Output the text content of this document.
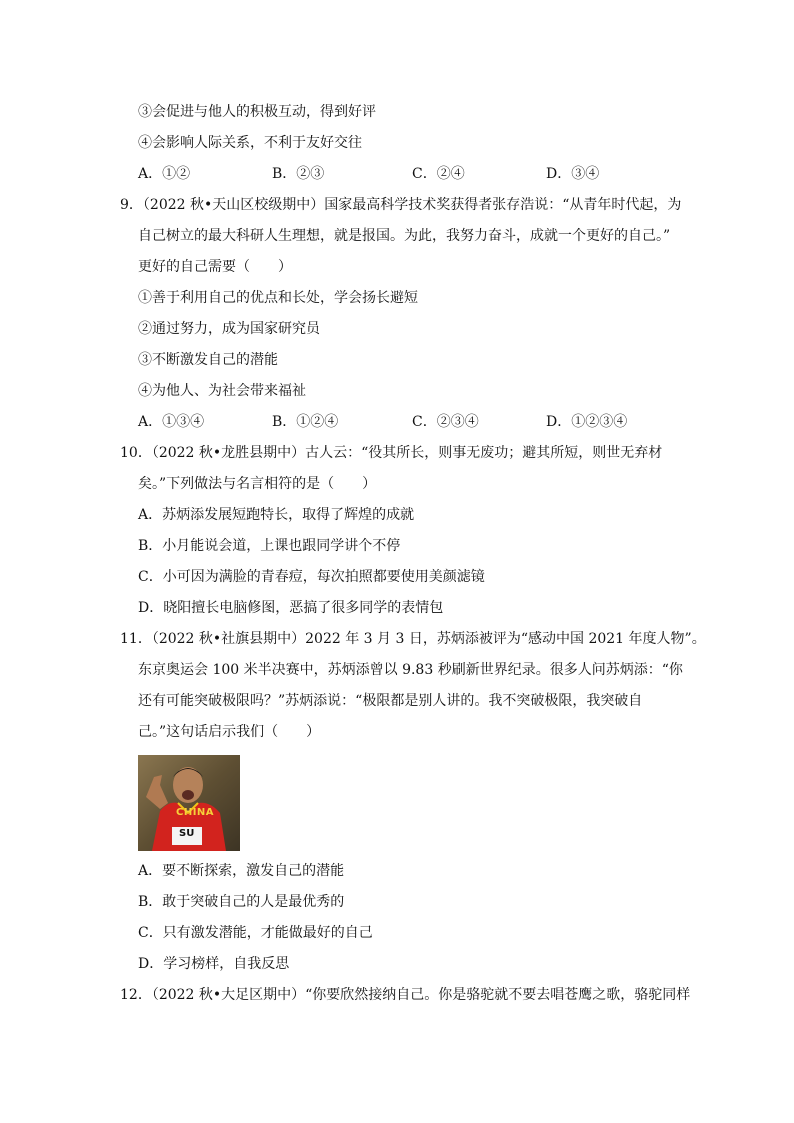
③会促进与他人的积极互动，得到好评
④会影响人际关系，不利于友好交往
A．①②	B．②③	C．②④	D．③④
9．（2022 秋•天山区校级期中）国家最高科学技术奖获得者张存浩说：“从青年时代起，为
自己树立的最大科研人生理想，就是报国。为此，我努力奋斗，成就一个更好的自己。”
更好的自己需要（　　）
①善于利用自己的优点和长处，学会扬长避短
②通过努力，成为国家研究员
③不断激发自己的潜能
④为他人、为社会带来福祉
A．①③④	B．①②④	C．②③④	D．①②③④
10．（2022 秋•龙胜县期中）古人云：“役其所长，则事无废功；避其所短，则世无弃材
矣。”下列做法与名言相符的是（　　）
A．苏炳添发展短跑特长，取得了辉煌的成就
B．小月能说会道，上课也跟同学讲个不停
C．小可因为满脸的青春痘，每次拍照都要使用美颜滤镜
D．晓阳擅长电脑修图，恶搞了很多同学的表情包
11．（2022 秋•社旗县期中）2022 年 3 月 3 日，苏炳添被评为“感动中国 2021 年度人物”。
东京奥运会 100 米半决赛中，苏炳添曾以 9.83 秒刷新世界纪录。很多人问苏炳添：“你
还有可能突破极限吗？”苏炳添说：“极限都是别人讲的。我不突破极限，我突破自
己。”这句话启示我们（　　）
CHINA
SU
A．要不断探索，激发自己的潜能
B．敢于突破自己的人是最优秀的
C．只有激发潜能，才能做最好的自己
D．学习榜样，自我反思
12．（2022 秋•大足区期中）“你要欣然接纳自己。你是骆驼就不要去唱苍鹰之歌，骆驼同样
